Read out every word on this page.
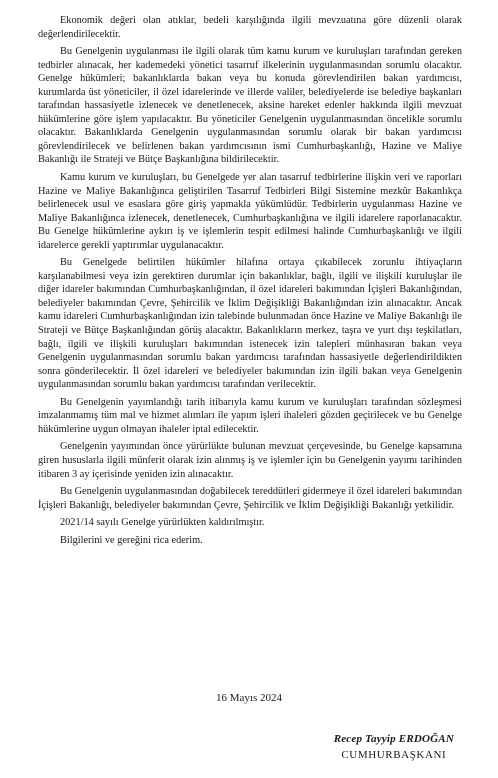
Ekonomik değeri olan atıklar, bedeli karşılığında ilgili mevzuatına göre düzenli olarak değerlendirilecektir.

Bu Genelgenin uygulanması ile ilgili olarak tüm kamu kurum ve kuruluşları tarafından gereken tedbirler alınacak, her kademedeki yönetici tasarruf ilkelerinin uygulanmasından sorumlu olacaktır. Genelge hükümleri; bakanlıklarda bakan veya bu konuda görevlendirilen bakan yardımcısı, kurumlarda üst yöneticiler, il özel idarelerinde ve illerde valiler, belediyelerde ise belediye başkanları tarafından hassasiyetle izlenecek ve denetlenecek, aksine hareket edenler hakkında ilgili mevzuat hükümlerine göre işlem yapılacaktır. Bu yöneticiler Genelgenin uygulanmasından öncelikle sorumlu olacaktır. Bakanlıklarda Genelgenin uygulanmasından sorumlu olarak bir bakan yardımcısı görevlendirilecek ve belirlenen bakan yardımcısının ismi Cumhurbaşkanlığı, Hazine ve Maliye Bakanlığı ile Strateji ve Bütçe Başkanlığına bildirilecektir.

Kamu kurum ve kuruluşları, bu Genelgede yer alan tasarruf tedbirlerine ilişkin veri ve raporları Hazine ve Maliye Bakanlığınca geliştirilen Tasarruf Tedbirleri Bilgi Sistemine mezkûr Bakanlıkça belirlenecek usul ve esaslara göre giriş yapmakla yükümlüdür. Tedbirlerin uygulanması Hazine ve Maliye Bakanlığınca izlenecek, denetlenecek, Cumhurbaşkanlığına ve ilgili idarelere raporlanacaktır. Bu Genelge hükümlerine aykırı iş ve işlemlerin tespit edilmesi halinde Cumhurbaşkanlığı ve ilgili idarelerce gerekli yaptırımlar uygulanacaktır.

Bu Genelgede belirtilen hükümler hilafına ortaya çıkabilecek zorunlu ihtiyaçların karşılanabilmesi veya izin gerektiren durumlar için bakanlıklar, bağlı, ilgili ve ilişkili kuruluşlar ile diğer idareler bakımından Cumhurbaşkanlığından, il özel idareleri bakımından İçişleri Bakanlığından, belediyeler bakımından Çevre, Şehircilik ve İklim Değişikliği Bakanlığından izin alınacaktır. Ancak kamu idareleri Cumhurbaşkanlığından izin talebinde bulunmadan önce Hazine ve Maliye Bakanlığı ile Strateji ve Bütçe Başkanlığından görüş alacaktır. Bakanlıkların merkez, taşra ve yurt dışı teşkilatları, bağlı, ilgili ve ilişkili kuruluşları bakımından istenecek izin talepleri münhasıran bakan veya Genelgenin uygulanmasından sorumlu bakan yardımcısı tarafından hassasiyetle değerlendirildikten sonra gönderilecektir. İl özel idareleri ve belediyeler bakımından izin ilgili bakan veya Genelgenin uygulanmasından sorumlu bakan yardımcısı tarafından verilecektir.

Bu Genelgenin yayımlandığı tarih itibarıyla kamu kurum ve kuruluşları tarafından sözleşmesi imzalanmamış tüm mal ve hizmet alımları ile yapım işleri ihaleleri gözden geçirilecek ve bu Genelge hükümlerine uygun olmayan ihaleler iptal edilecektir.

Genelgenin yayımından önce yürürlükte bulunan mevzuat çerçevesinde, bu Genelge kapsamına giren hususlarla ilgili münferit olarak izin alınmış iş ve işlemler için bu Genelgenin yayımı tarihinden itibaren 3 ay içerisinde yeniden izin alınacaktır.

Bu Genelgenin uygulanmasından doğabilecek tereddütleri gidermeye il özel idareleri bakımından İçişleri Bakanlığı, belediyeler bakımından Çevre, Şehircilik ve İklim Değişikliği Bakanlığı yetkilidir.

2021/14 sayılı Genelge yürürlükten kaldırılmıştır.

Bilgilerini ve gereğini rica ederim.

16 Mayıs 2024
Recep Tayyip ERDOĞAN
CUMHURBAŞKANI
